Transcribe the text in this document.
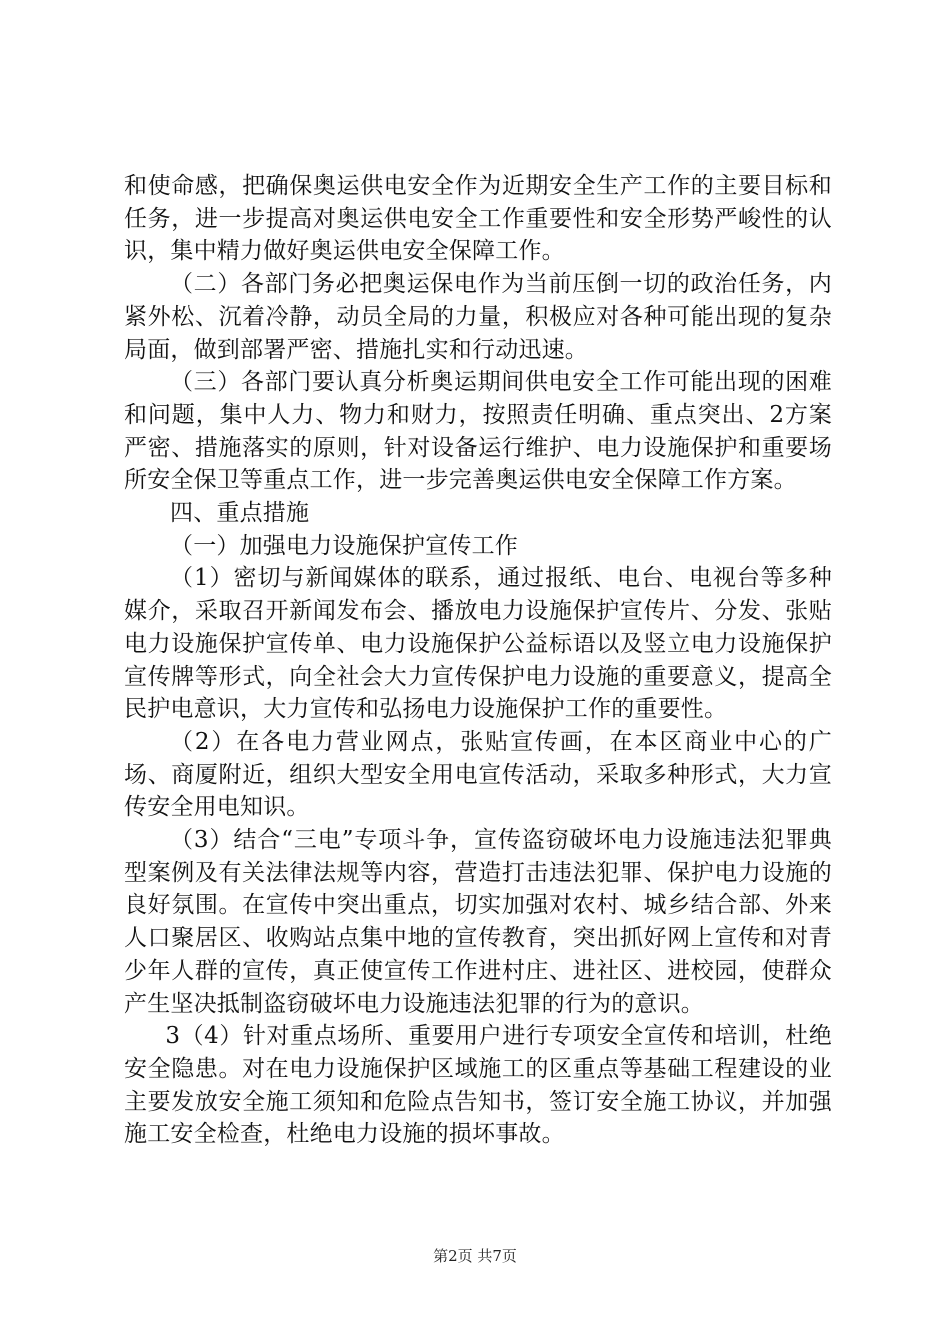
和使命感，把确保奥运供电安全作为近期安全生产工作的主要目标和任务，进一步提高对奥运供电安全工作重要性和安全形势严峻性的认识，集中精力做好奥运供电安全保障工作。

（二）各部门务必把奥运保电作为当前压倒一切的政治任务，内紧外松、沉着冷静，动员全局的力量，积极应对各种可能出现的复杂局面，做到部署严密、措施扎实和行动迅速。

（三）各部门要认真分析奥运期间供电安全工作可能出现的困难和问题，集中人力、物力和财力，按照责任明确、重点突出、2方案严密、措施落实的原则，针对设备运行维护、电力设施保护和重要场所安全保卫等重点工作，进一步完善奥运供电安全保障工作方案。

四、重点措施

（一）加强电力设施保护宣传工作

（1）密切与新闻媒体的联系，通过报纸、电台、电视台等多种媒介，采取召开新闻发布会、播放电力设施保护宣传片、分发、张贴电力设施保护宣传单、电力设施保护公益标语以及竖立电力设施保护宣传牌等形式，向全社会大力宣传保护电力设施的重要意义，提高全民护电意识，大力宣传和弘扬电力设施保护工作的重要性。

（2）在各电力营业网点，张贴宣传画，在本区商业中心的广场、商厦附近，组织大型安全用电宣传活动，采取多种形式，大力宣传安全用电知识。

（3）结合“三电”专项斗争，宣传盗窃破坏电力设施违法犯罪典型案例及有关法律法规等内容，营造打击违法犯罪、保护电力设施的良好氛围。在宣传中突出重点，切实加强对农村、城乡结合部、外来人口聚居区、收购站点集中地的宣传教育，突出抓好网上宣传和对青少年人群的宣传，真正使宣传工作进村庄、进社区、进校园，使群众产生坚决抵制盗窃破坏电力设施违法犯罪的行为的意识。

3（4）针对重点场所、重要用户进行专项安全宣传和培训，杜绝安全隐患。对在电力设施保护区域施工的区重点等基础工程建设的业主要发放安全施工须知和危险点告知书，签订安全施工协议，并加强施工安全检查，杜绝电力设施的损坏事故。

第2页 共7页
